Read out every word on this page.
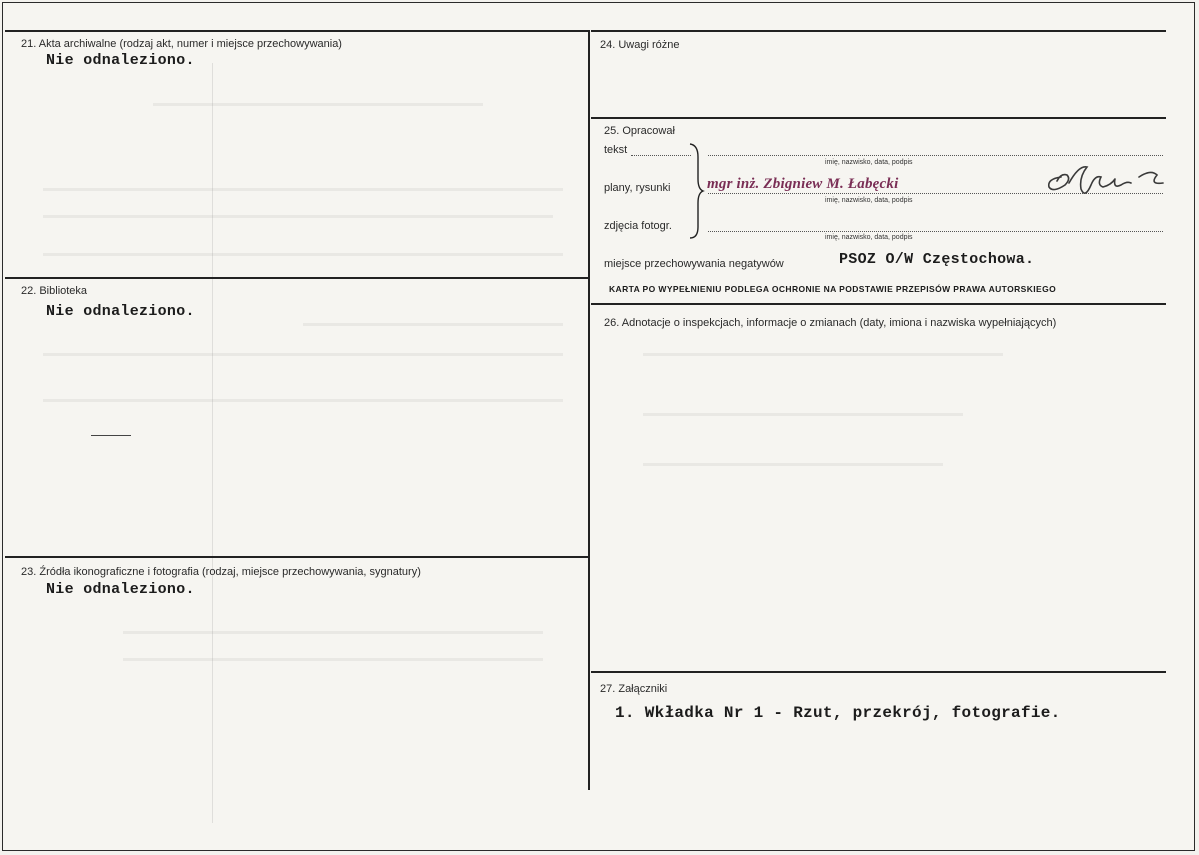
21. Akta archiwalne (rodzaj akt, numer i miejsce przechowywania)
Nie odnaleziono.
22. Biblioteka
Nie odnaleziono.
23. Źródła ikonograficzne i fotografia (rodzaj, miejsce przechowywania, sygnatury)
Nie odnaleziono.
24. Uwagi różne
25. Opracował
tekst
imię, nazwisko, data, podpis
plany, rysunki mgr inż. Zbigniew M. Łabęcki
imię, nazwisko, data, podpis
zdjęcia fotogr.
imię, nazwisko, data, podpis
miejsce przechowywania negatywów	PSOZ O/W Częstochowa.
KARTA PO WYPEŁNIENIU PODLEGA OCHRONIE NA PODSTAWIE PRZEPISÓW PRAWA AUTORSKIEGO
26. Adnotacje o inspekcjach, informacje o zmianach (daty, imiona i nazwiska wypełniających)
27. Załączniki
1. Wkładka Nr 1 - Rzut, przekrój, fotografie.
